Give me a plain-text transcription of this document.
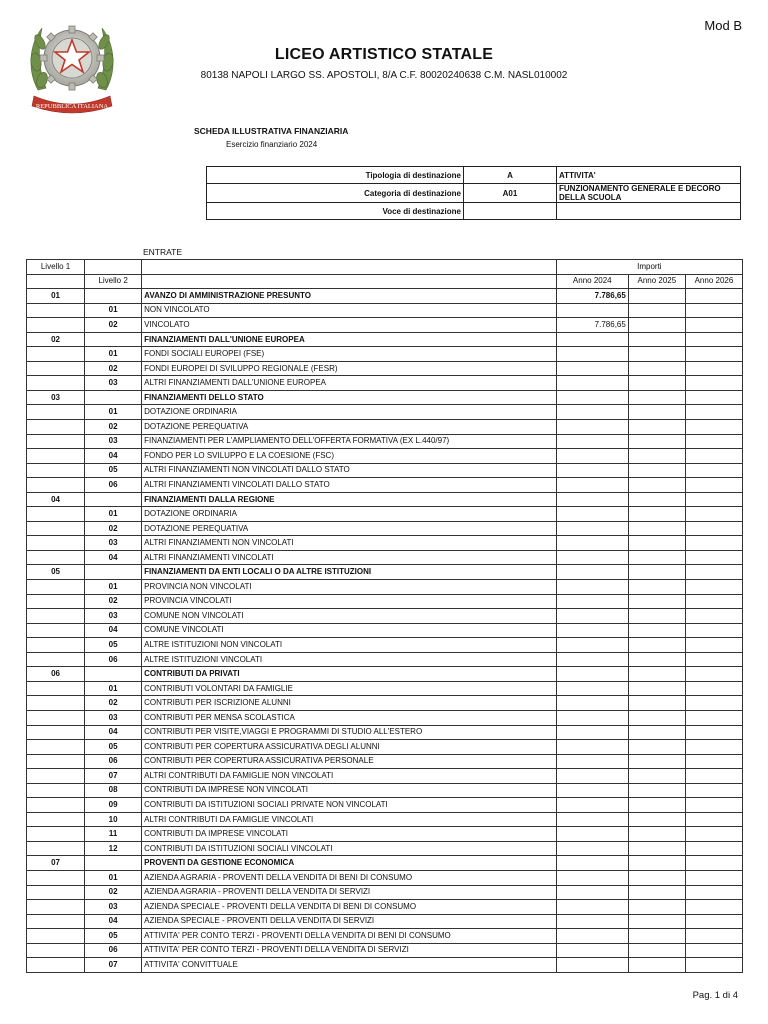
REPUBBLICA ITALIANA
Mod B
LICEO ARTISTICO STATALE
80138 NAPOLI LARGO SS. APOSTOLI, 8/A C.F. 80020240638 C.M. NASL010002
SCHEDA ILLUSTRATIVA FINANZIARIA
Esercizio finanziario 2024
Tipologia di destinazione	A	ATTIVITA'
Categoria di destinazione	A01	FUNZIONAMENTO GENERALE E DECORO DELLA SCUOLA
Voce di destinazione		
ENTRATE
Livello 1			Importi		
	Livello 2		Anno 2024	Anno 2025	Anno 2026
01		AVANZO DI AMMINISTRAZIONE PRESUNTO	7.786,65		
	01	NON VINCOLATO			
	02	VINCOLATO	7.786,65		
02		FINANZIAMENTI DALL'UNIONE EUROPEA			
	01	FONDI SOCIALI EUROPEI (FSE)			
	02	FONDI EUROPEI DI SVILUPPO REGIONALE (FESR)			
	03	ALTRI FINANZIAMENTI DALL'UNIONE EUROPEA			
03		FINANZIAMENTI DELLO STATO			
	01	DOTAZIONE ORDINARIA			
	02	DOTAZIONE PEREQUATIVA			
	03	FINANZIAMENTI PER L'AMPLIAMENTO DELL'OFFERTA FORMATIVA (EX L.440/97)			
	04	FONDO PER LO SVILUPPO E LA COESIONE (FSC)			
	05	ALTRI FINANZIAMENTI NON VINCOLATI DALLO STATO			
	06	ALTRI FINANZIAMENTI VINCOLATI DALLO STATO			
04		FINANZIAMENTI DALLA REGIONE			
	01	DOTAZIONE ORDINARIA			
	02	DOTAZIONE PEREQUATIVA			
	03	ALTRI FINANZIAMENTI NON VINCOLATI			
	04	ALTRI FINANZIAMENTI VINCOLATI			
05		FINANZIAMENTI DA ENTI LOCALI O DA ALTRE ISTITUZIONI			
	01	PROVINCIA NON VINCOLATI			
	02	PROVINCIA VINCOLATI			
	03	COMUNE NON VINCOLATI			
	04	COMUNE VINCOLATI			
	05	ALTRE ISTITUZIONI NON VINCOLATI			
	06	ALTRE ISTITUZIONI VINCOLATI			
06		CONTRIBUTI DA PRIVATI			
	01	CONTRIBUTI VOLONTARI DA FAMIGLIE			
	02	CONTRIBUTI PER ISCRIZIONE ALUNNI			
	03	CONTRIBUTI PER MENSA SCOLASTICA			
	04	CONTRIBUTI PER VISITE,VIAGGI E PROGRAMMI DI STUDIO ALL'ESTERO			
	05	CONTRIBUTI PER COPERTURA ASSICURATIVA DEGLI ALUNNI			
	06	CONTRIBUTI PER COPERTURA ASSICURATIVA PERSONALE			
	07	ALTRI CONTRIBUTI DA FAMIGLIE NON VINCOLATI			
	08	CONTRIBUTI DA IMPRESE NON VINCOLATI			
	09	CONTRIBUTI DA ISTITUZIONI SOCIALI PRIVATE NON VINCOLATI			
	10	ALTRI CONTRIBUTI DA FAMIGLIE VINCOLATI			
	11	CONTRIBUTI DA IMPRESE VINCOLATI			
	12	CONTRIBUTI DA ISTITUZIONI SOCIALI VINCOLATI			
07		PROVENTI DA GESTIONE ECONOMICA			
	01	AZIENDA AGRARIA - PROVENTI DELLA VENDITA DI BENI DI CONSUMO			
	02	AZIENDA AGRARIA - PROVENTI DELLA VENDITA DI SERVIZI			
	03	AZIENDA SPECIALE - PROVENTI DELLA VENDITA DI BENI DI CONSUMO			
	04	AZIENDA SPECIALE - PROVENTI DELLA VENDITA DI SERVIZI			
	05	ATTIVITA' PER CONTO TERZI - PROVENTI DELLA VENDITA DI BENI DI CONSUMO			
	06	ATTIVITA' PER CONTO TERZI - PROVENTI DELLA VENDITA DI SERVIZI			
	07	ATTIVITA' CONVITTUALE			
Pag. 1 di 4
